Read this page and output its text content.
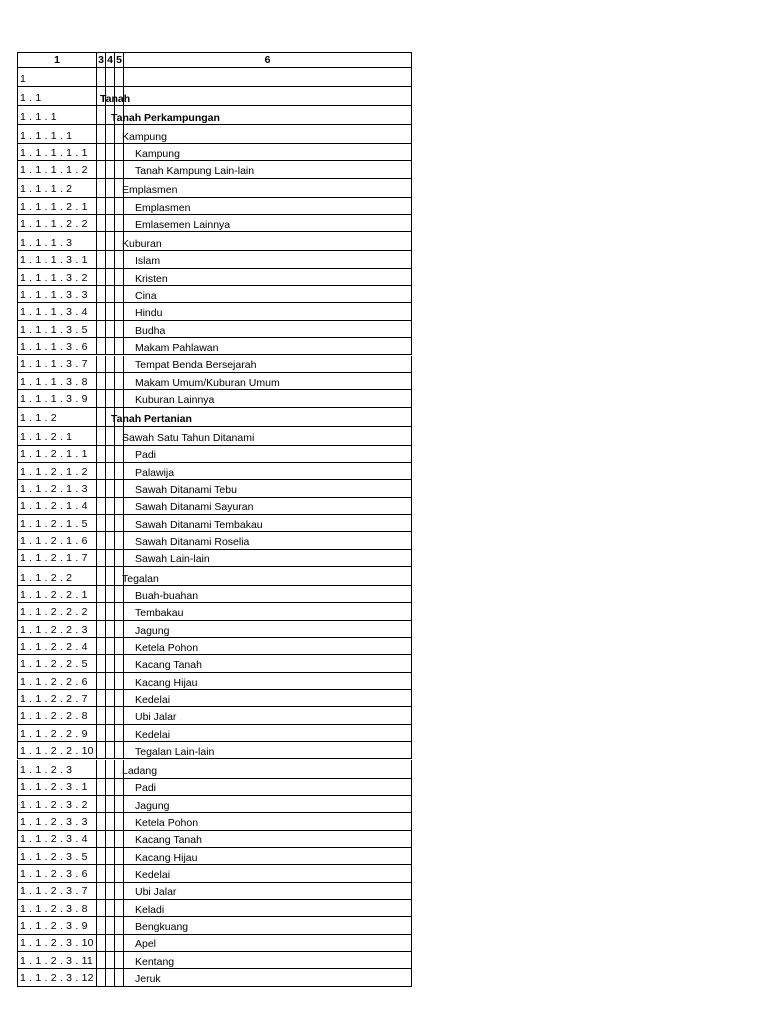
1	3 4 5	6
1
1 . 1	Tanah
1 . 1 . 1	Tanah Perkampungan
1 . 1 . 1 . 1	Kampung
1 . 1 . 1 . 1 . 1	Kampung
1 . 1 . 1 . 1 . 2	Tanah Kampung Lain-lain
1 . 1 . 1 . 2	Emplasmen
1 . 1 . 1 . 2 . 1	Emplasmen
1 . 1 . 1 . 2 . 2	Emlasemen Lainnya
1 . 1 . 1 . 3	Kuburan
1 . 1 . 1 . 3 . 1	Islam
1 . 1 . 1 . 3 . 2	Kristen
1 . 1 . 1 . 3 . 3	Cina
1 . 1 . 1 . 3 . 4	Hindu
1 . 1 . 1 . 3 . 5	Budha
1 . 1 . 1 . 3 . 6	Makam Pahlawan
1 . 1 . 1 . 3 . 7	Tempat Benda Bersejarah
1 . 1 . 1 . 3 . 8	Makam Umum/Kuburan Umum
1 . 1 . 1 . 3 . 9	Kuburan Lainnya
1 . 1 . 2	Tanah Pertanian
1 . 1 . 2 . 1	Sawah Satu Tahun Ditanami
1 . 1 . 2 . 1 . 1	Padi
1 . 1 . 2 . 1 . 2	Palawija
1 . 1 . 2 . 1 . 3	Sawah Ditanami Tebu
1 . 1 . 2 . 1 . 4	Sawah Ditanami Sayuran
1 . 1 . 2 . 1 . 5	Sawah Ditanami Tembakau
1 . 1 . 2 . 1 . 6	Sawah Ditanami Roselia
1 . 1 . 2 . 1 . 7	Sawah Lain-lain
1 . 1 . 2 . 2	Tegalan
1 . 1 . 2 . 2 . 1	Buah-buahan
1 . 1 . 2 . 2 . 2	Tembakau
1 . 1 . 2 . 2 . 3	Jagung
1 . 1 . 2 . 2 . 4	Ketela Pohon
1 . 1 . 2 . 2 . 5	Kacang Tanah
1 . 1 . 2 . 2 . 6	Kacang Hijau
1 . 1 . 2 . 2 . 7	Kedelai
1 . 1 . 2 . 2 . 8	Ubi Jalar
1 . 1 . 2 . 2 . 9	Kedelai
1 . 1 . 2 . 2 . 10	Tegalan Lain-lain
1 . 1 . 2 . 3	Ladang
1 . 1 . 2 . 3 . 1	Padi
1 . 1 . 2 . 3 . 2	Jagung
1 . 1 . 2 . 3 . 3	Ketela Pohon
1 . 1 . 2 . 3 . 4	Kacang Tanah
1 . 1 . 2 . 3 . 5	Kacang Hijau
1 . 1 . 2 . 3 . 6	Kedelai
1 . 1 . 2 . 3 . 7	Ubi Jalar
1 . 1 . 2 . 3 . 8	Keladi
1 . 1 . 2 . 3 . 9	Bengkuang
1 . 1 . 2 . 3 . 10	Apel
1 . 1 . 2 . 3 . 11	Kentang
1 . 1 . 2 . 3 . 12	Jeruk
